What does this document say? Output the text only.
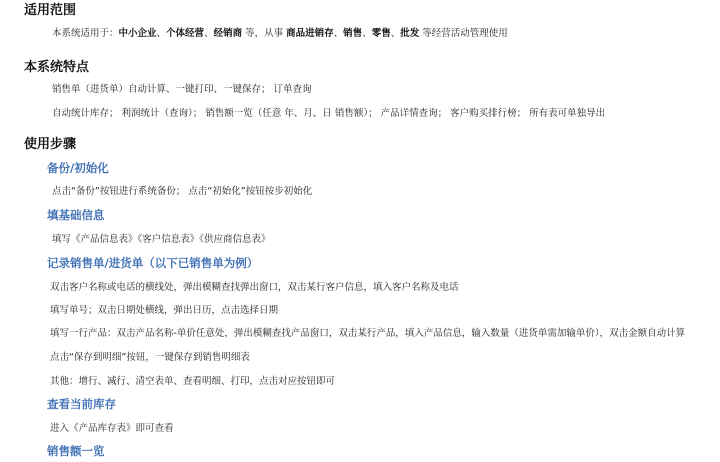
适用范围
本系统适用于：中小企业、个体经营、经销商 等，从事 商品进销存、销售、零售、批发 等经营活动管理使用
本系统特点
销售单（进货单）自动计算、一键打印、一键保存； 订单查询
自动统计库存； 利润统计（查询）； 销售额一览（任意 年、月、日 销售额）； 产品详情查询； 客户购买排行榜； 所有表可单独导出
使用步骤
备份/初始化
点击“备份”按钮进行系统备份； 点击“初始化”按钮按步初始化
填基础信息
填写《产品信息表》《客户信息表》《供应商信息表》
记录销售单/进货单（以下已销售单为例）
双击客户名称或电话的横线处，弹出模糊查找弹出窗口，双击某行客户信息，填入客户名称及电话
填写单号；双击日期处横线，弹出日历，点击选择日期
填写一行产品：双击产品名称-单价任意处，弹出模糊查找产品窗口，双击某行产品，填入产品信息，输入数量（进货单需加输单价），双击金额自动计算
点击“保存到明细”按钮，一键保存到销售明细表
其他：增行、减行、清空表单、查看明细、打印，点击对应按钮即可
查看当前库存
进入《产品库存表》即可查看
销售额一览
